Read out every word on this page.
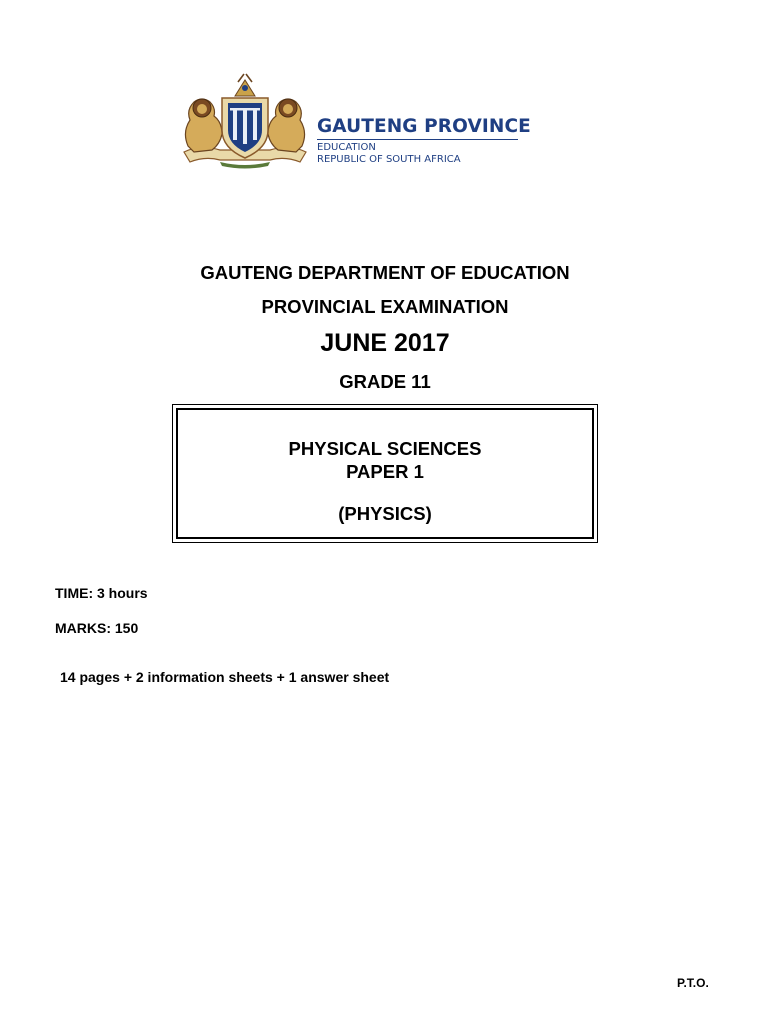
GAUTENG PROVINCE
EDUCATION
REPUBLIC OF SOUTH AFRICA
GAUTENG DEPARTMENT OF EDUCATION
PROVINCIAL EXAMINATION
JUNE 2017
GRADE 11
PHYSICAL SCIENCES
PAPER 1
(PHYSICS)
TIME: 3 hours
MARKS: 150
14 pages + 2 information sheets + 1 answer sheet
P.T.O.
